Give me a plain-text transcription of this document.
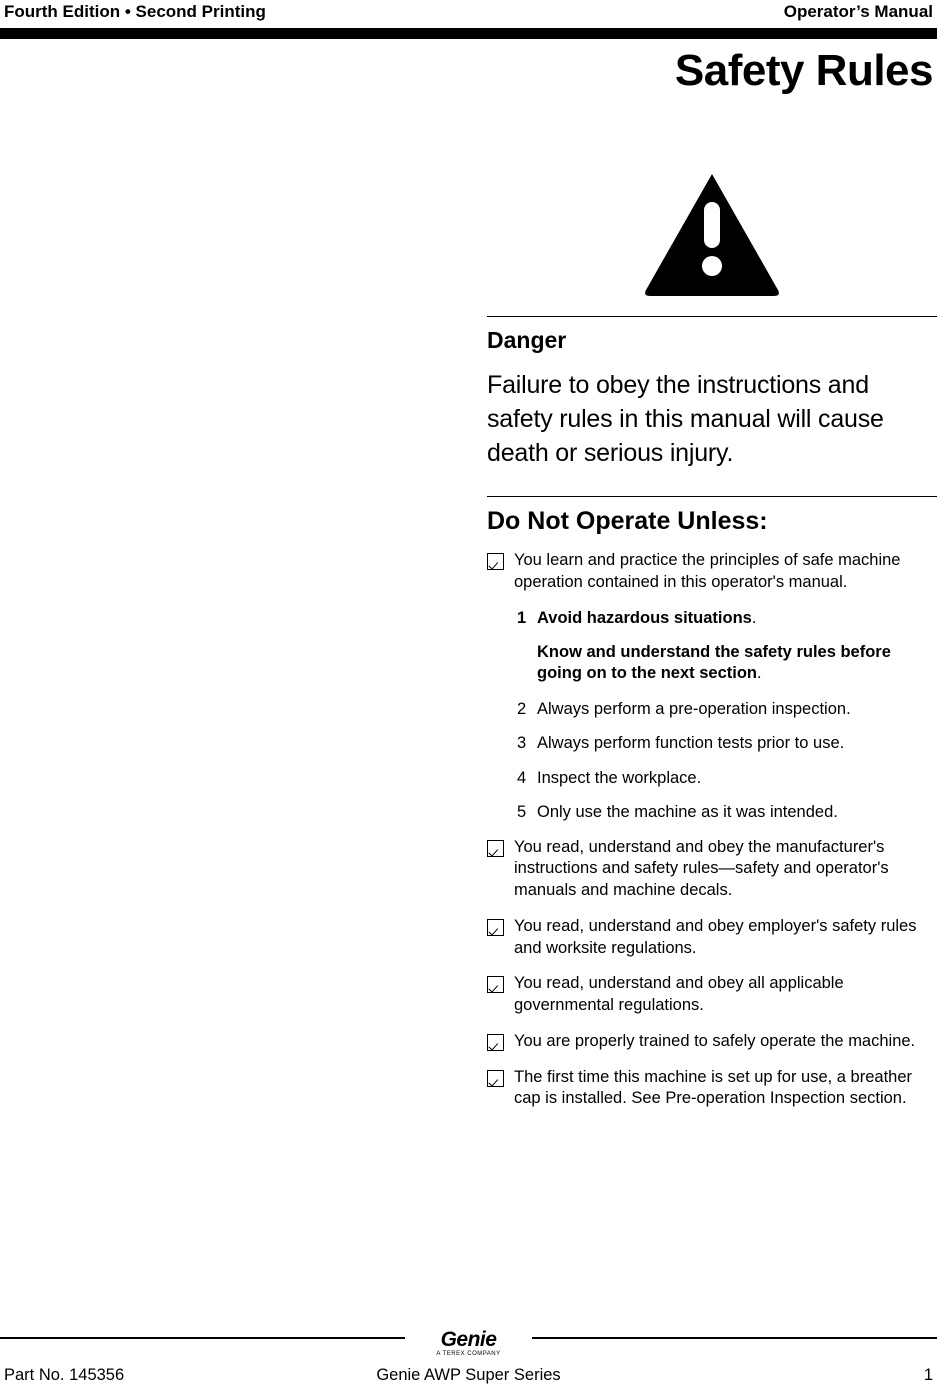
Fourth Edition • Second Printing	Operator’s Manual
Safety Rules
Danger
Failure to obey the instructions and safety rules in this manual will cause death or serious injury.
Do Not Operate Unless:
You learn and practice the principles of safe machine operation contained in this operator's manual.
1 Avoid hazardous situations.
Know and understand the safety rules before going on to the next section.
2 Always perform a pre-operation inspection.
3 Always perform function tests prior to use.
4 Inspect the workplace.
5 Only use the machine as it was intended.
You read, understand and obey the manufacturer's instructions and safety rules—safety and operator's manuals and machine decals.
You read, understand and obey employer's safety rules and worksite regulations.
You read, understand and obey all applicable governmental regulations.
You are properly trained to safely operate the machine.
The first time this machine is set up for use, a breather cap is installed. See Pre-operation Inspection section.
Genie
A TEREX COMPANY
Part No. 145356	1
Genie AWP Super Series
